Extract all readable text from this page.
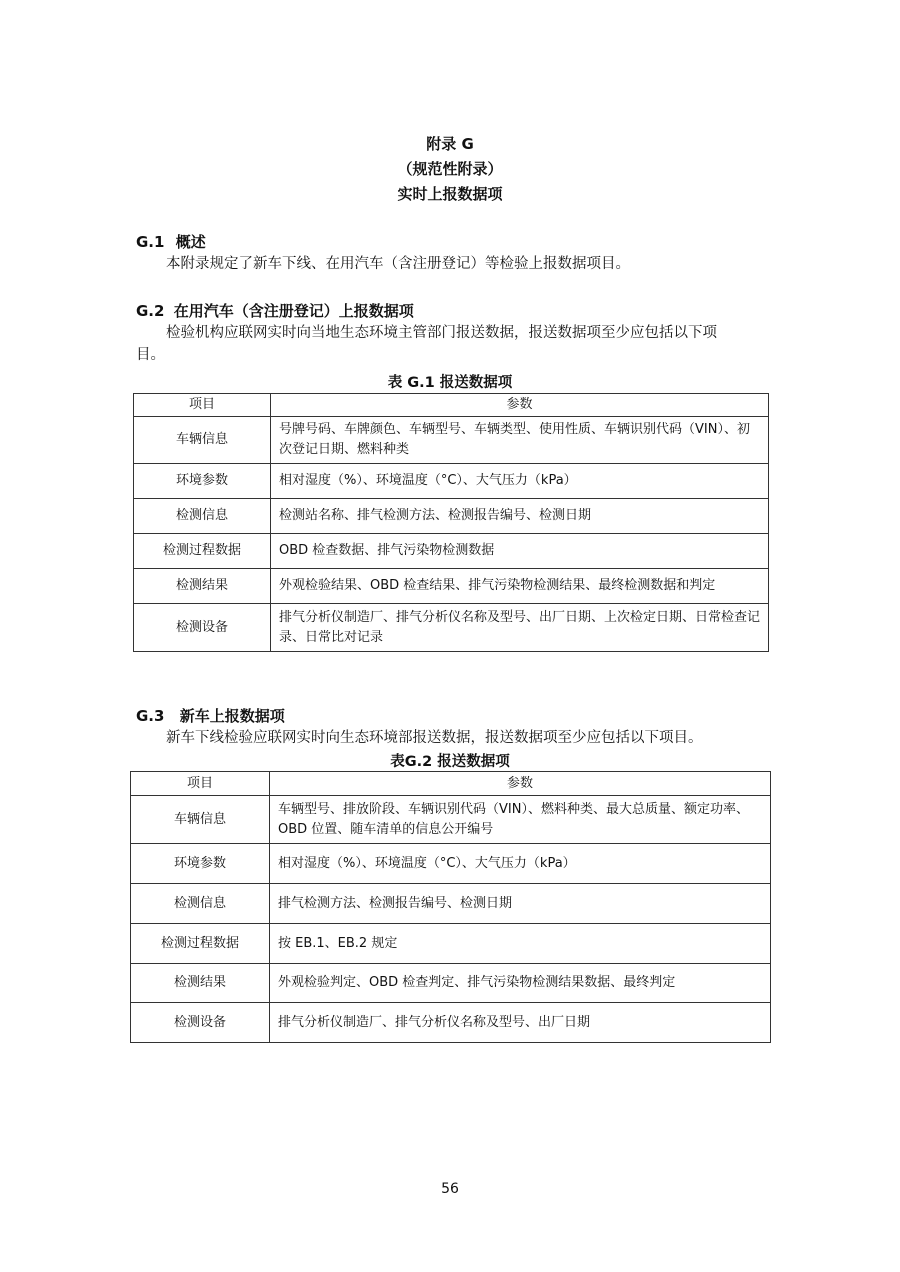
附录 G
（规范性附录）
实时上报数据项
G.1 概述
本附录规定了新车下线、在用汽车（含注册登记）等检验上报数据项目。
G.2 在用汽车（含注册登记）上报数据项
检验机构应联网实时向当地生态环境主管部门报送数据，报送数据项至少应包括以下项
目。
表 G.1 报送数据项
项目	参数
车辆信息	号牌号码、车牌颜色、车辆型号、车辆类型、使用性质、车辆识别代码（VIN）、初次登记日期、燃料种类
环境参数	相对湿度（%）、环境温度（°C）、大气压力（kPa）
检测信息	检测站名称、排气检测方法、检测报告编号、检测日期
检测过程数据	OBD 检查数据、排气污染物检测数据
检测结果	外观检验结果、OBD 检查结果、排气污染物检测结果、最终检测数据和判定
检测设备	排气分析仪制造厂、排气分析仪名称及型号、出厂日期、上次检定日期、日常检查记录、日常比对记录
G.3 新车上报数据项
新车下线检验应联网实时向生态环境部报送数据，报送数据项至少应包括以下项目。
表G.2 报送数据项
项目	参数
车辆信息	车辆型号、排放阶段、车辆识别代码（VIN）、燃料种类、最大总质量、额定功率、OBD 位置、随车清单的信息公开编号
环境参数	相对湿度（%）、环境温度（°C）、大气压力（kPa）
检测信息	排气检测方法、检测报告编号、检测日期
检测过程数据	按 EB.1、EB.2 规定
检测结果	外观检验判定、OBD 检查判定、排气污染物检测结果数据、最终判定
检测设备	排气分析仪制造厂、排气分析仪名称及型号、出厂日期
56
